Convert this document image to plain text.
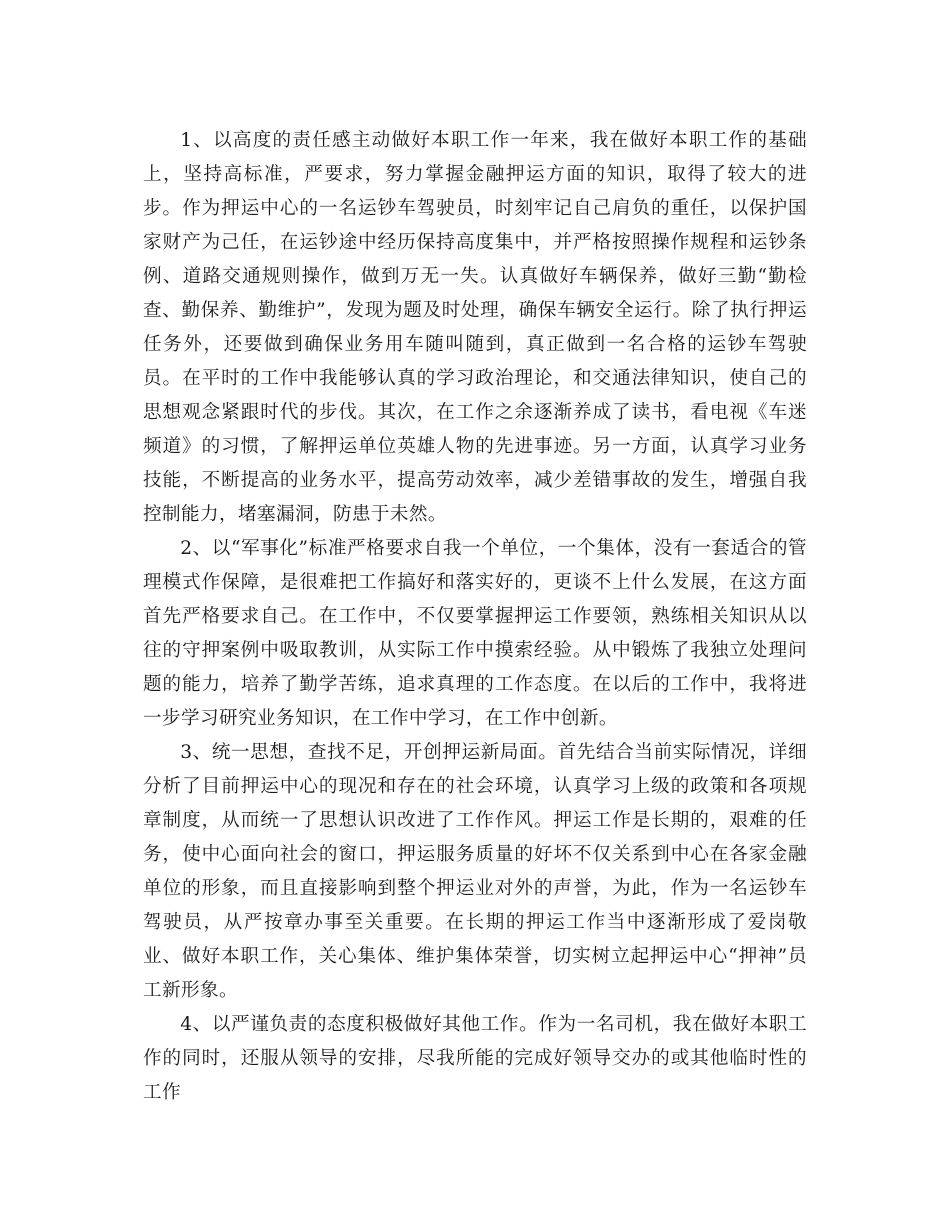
1、以高度的责任感主动做好本职工作一年来，我在做好本职工作的基础上，坚持高标准，严要求，努力掌握金融押运方面的知识，取得了较大的进步。作为押运中心的一名运钞车驾驶员，时刻牢记自己肩负的重任，以保护国家财产为己任，在运钞途中经历保持高度集中，并严格按照操作规程和运钞条例、道路交通规则操作，做到万无一失。认真做好车辆保养，做好三勤“勤检查、勤保养、勤维护”，发现为题及时处理，确保车辆安全运行。除了执行押运任务外，还要做到确保业务用车随叫随到，真正做到一名合格的运钞车驾驶员。在平时的工作中我能够认真的学习政治理论，和交通法律知识，使自己的思想观念紧跟时代的步伐。其次，在工作之余逐渐养成了读书，看电视《车迷频道》的习惯，了解押运单位英雄人物的先进事迹。另一方面，认真学习业务技能，不断提高的业务水平，提高劳动效率，减少差错事故的发生，增强自我控制能力，堵塞漏洞，防患于未然。

2、以“军事化”标准严格要求自我一个单位，一个集体，没有一套适合的管理模式作保障，是很难把工作搞好和落实好的，更谈不上什么发展，在这方面首先严格要求自己。在工作中，不仅要掌握押运工作要领，熟练相关知识从以往的守押案例中吸取教训，从实际工作中摸索经验。从中锻炼了我独立处理问题的能力，培养了勤学苦练，追求真理的工作态度。在以后的工作中，我将进一步学习研究业务知识，在工作中学习，在工作中创新。

3、统一思想，查找不足，开创押运新局面。首先结合当前实际情况，详细分析了目前押运中心的现况和存在的社会环境，认真学习上级的政策和各项规章制度，从而统一了思想认识改进了工作作风。押运工作是长期的，艰难的任务，使中心面向社会的窗口，押运服务质量的好坏不仅关系到中心在各家金融单位的形象，而且直接影响到整个押运业对外的声誉，为此，作为一名运钞车驾驶员，从严按章办事至关重要。在长期的押运工作当中逐渐形成了爱岗敬业、做好本职工作，关心集体、维护集体荣誉，切实树立起押运中心“押神”员工新形象。

4、以严谨负责的态度积极做好其他工作。作为一名司机，我在做好本职工作的同时，还服从领导的安排，尽我所能的完成好领导交办的或其他临时性的工作
